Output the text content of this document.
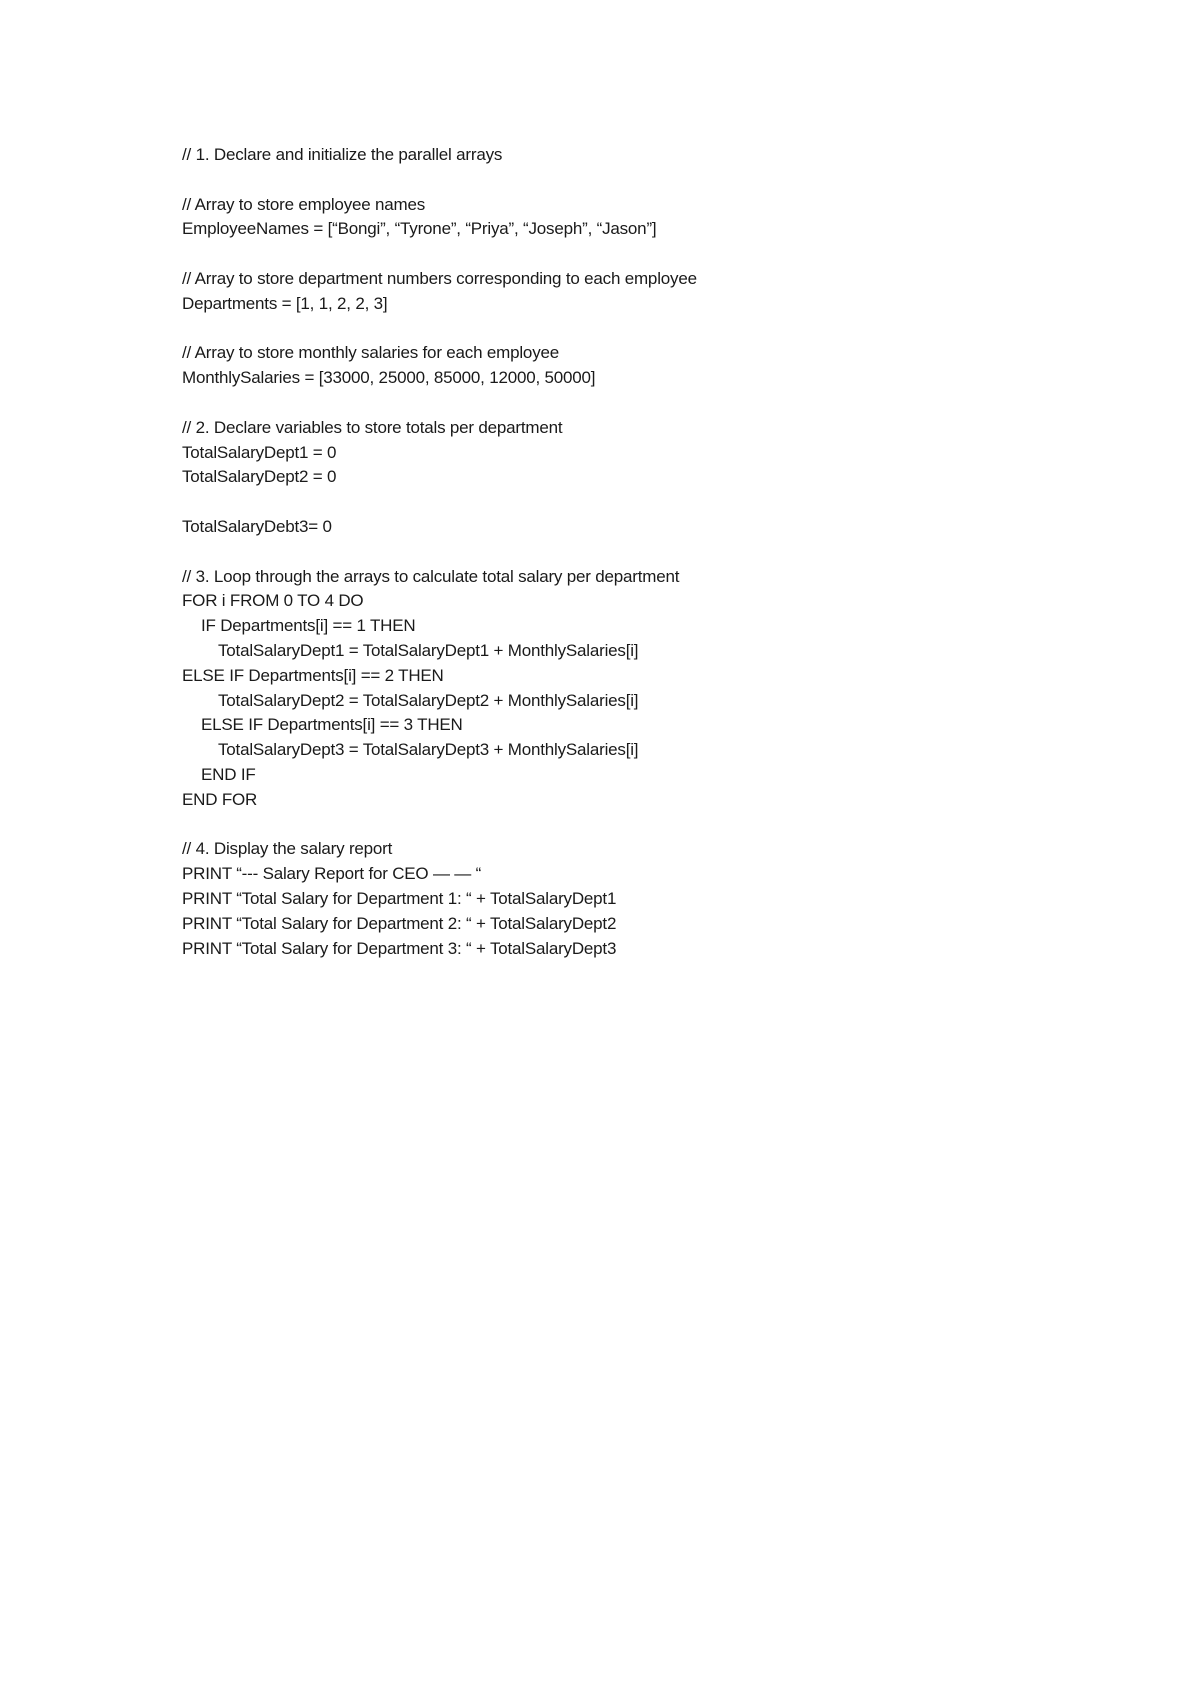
// 1. Declare and initialize the parallel arrays
// Array to store employee names
EmployeeNames = [“Bongi”, “Tyrone”, “Priya”, “Joseph”, “Jason”]
// Array to store department numbers corresponding to each employee
Departments = [1, 1, 2, 2, 3]
// Array to store monthly salaries for each employee
MonthlySalaries = [33000, 25000, 85000, 12000, 50000]
// 2. Declare variables to store totals per department
TotalSalaryDept1 = 0
TotalSalaryDept2 = 0
TotalSalaryDebt3= 0
// 3. Loop through the arrays to calculate total salary per department
FOR i FROM 0 TO 4 DO
IF Departments[i] == 1 THEN
TotalSalaryDept1 = TotalSalaryDept1 + MonthlySalaries[i]
ELSE IF Departments[i] == 2 THEN
TotalSalaryDept2 = TotalSalaryDept2 + MonthlySalaries[i]
ELSE IF Departments[i] == 3 THEN
TotalSalaryDept3 = TotalSalaryDept3 + MonthlySalaries[i]
END IF
END FOR
// 4. Display the salary report
PRINT “--- Salary Report for CEO — — “
PRINT “Total Salary for Department 1: “ + TotalSalaryDept1
PRINT “Total Salary for Department 2: “ + TotalSalaryDept2
PRINT “Total Salary for Department 3: “ + TotalSalaryDept3
